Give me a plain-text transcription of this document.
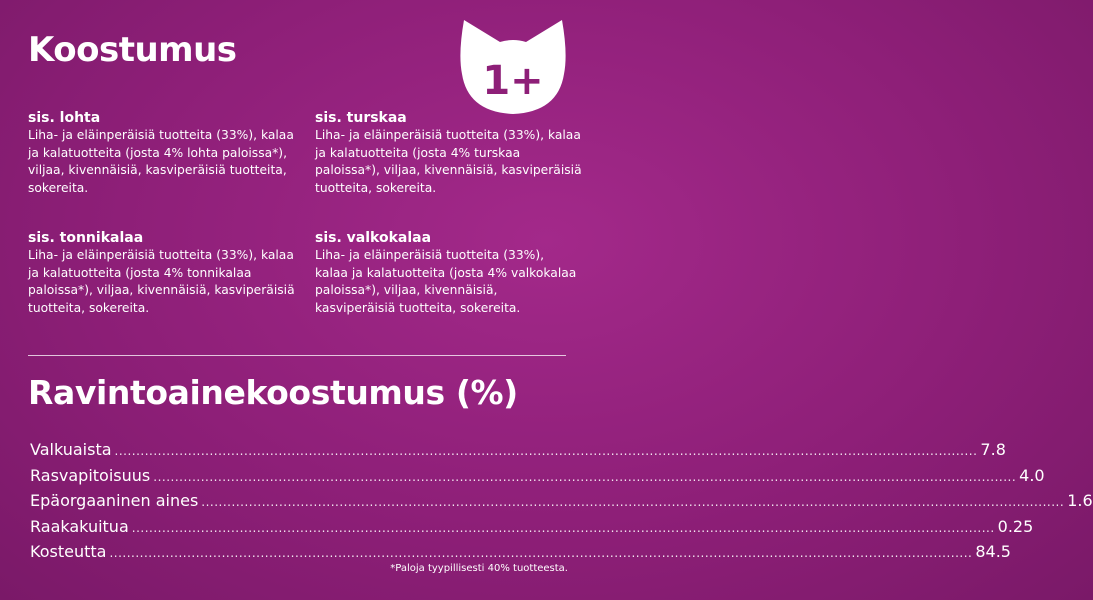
Koostumus
1+
sis. lohta

Liha- ja eläinperäisiä tuotteita (33%), kalaa ja kalatuotteita (josta 4% lohta paloissa*), viljaa, kivennäisiä, kasviperäisiä tuotteita, sokereita.

sis. turskaa

Liha- ja eläinperäisiä tuotteita (33%), kalaa ja kalatuotteita (josta 4% turskaa paloissa*), viljaa, kivennäisiä, kasviperäisiä tuotteita, sokereita.

sis. tonnikalaa

Liha- ja eläinperäisiä tuotteita (33%), kalaa ja kalatuotteita (josta 4% tonnikalaa paloissa*), viljaa, kivennäisiä, kasviperäisiä tuotteita, sokereita.

sis. valkokalaa

Liha- ja eläinperäisiä tuotteita (33%), kalaa ja kalatuotteita (josta 4% valkokalaa paloissa*), viljaa, kivennäisiä, kasviperäisiä tuotteita, sokereita.

Ravintoainekoostumus (%)
Valkuaista ........................................................................................................................................................................................................ 7.8
Rasvapitoisuus ........................................................................................................................................................................................................ 4.0
Epäorgaaninen aines ........................................................................................................................................................................................................ 1.6
Raakakuitua ........................................................................................................................................................................................................ 0.25
Kosteutta ........................................................................................................................................................................................................ 84.5
*Paloja tyypillisesti 40% tuotteesta.
